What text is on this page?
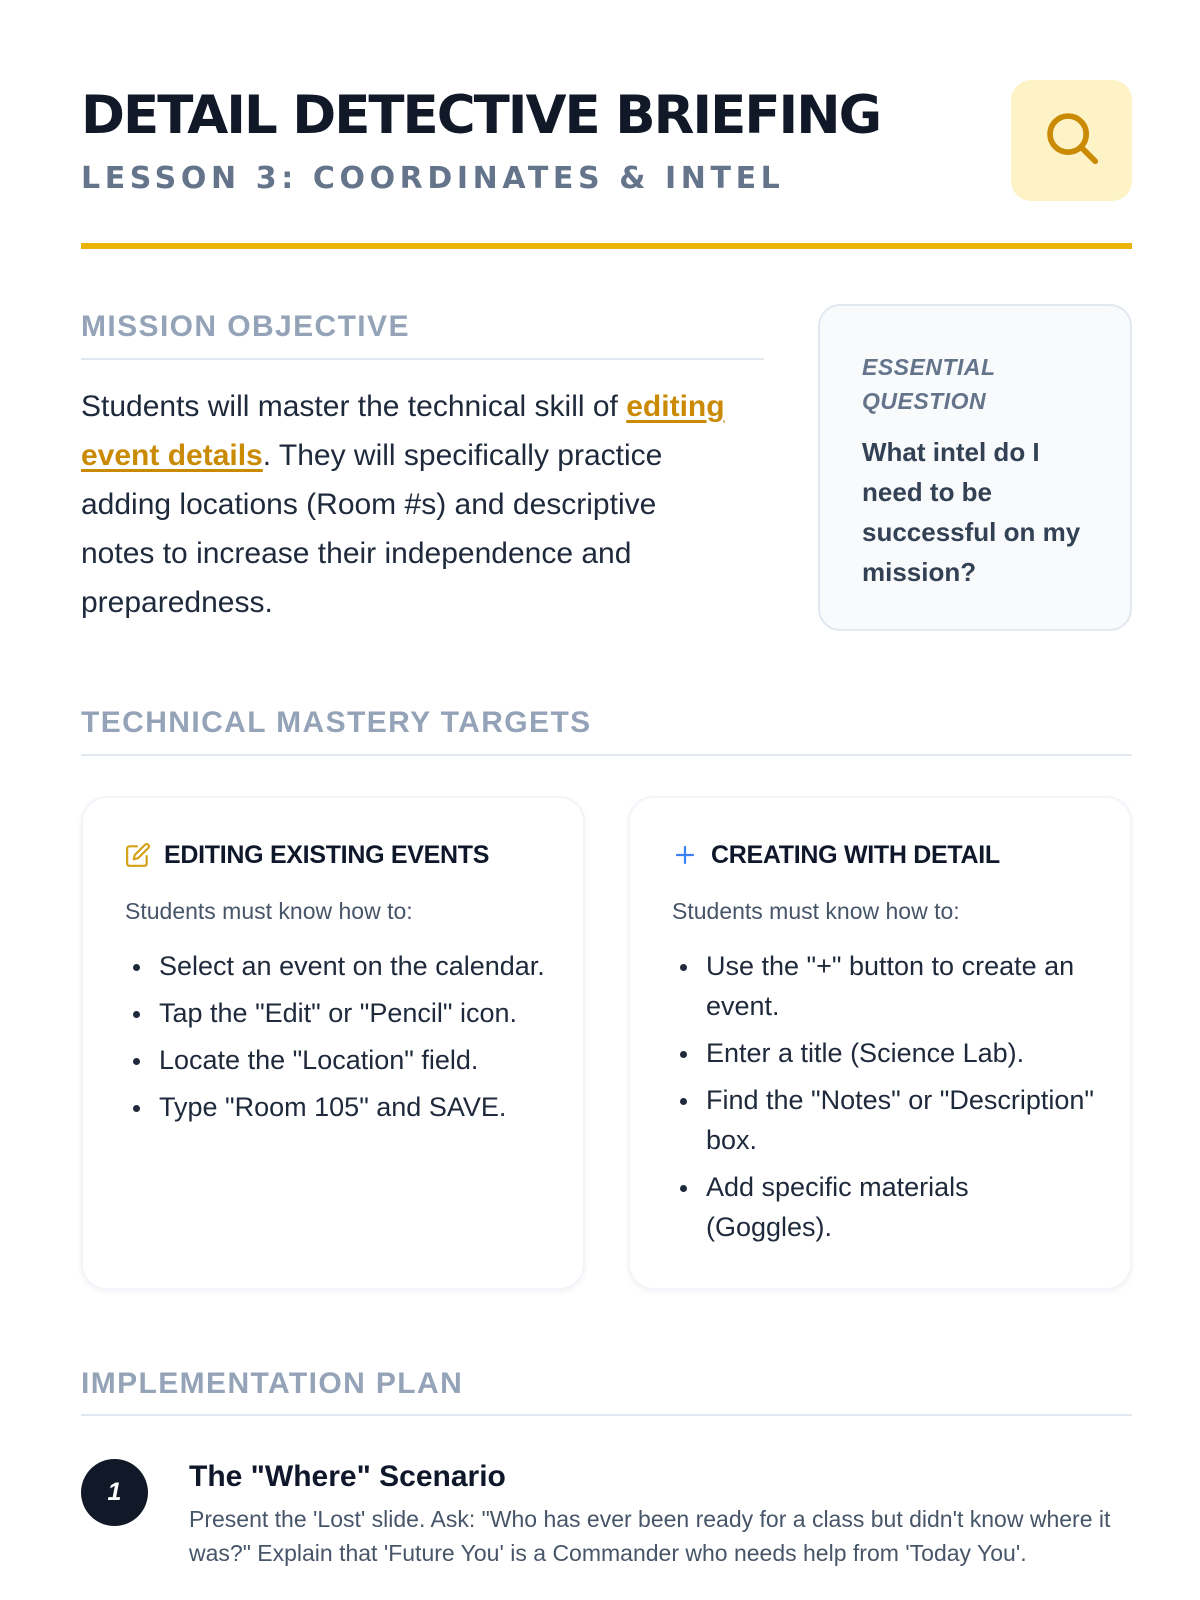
DETAIL DETECTIVE BRIEFING
LESSON 3: COORDINATES & INTEL
MISSION OBJECTIVE
Students will master the technical skill of editing event details. They will specifically practice adding locations (Room #s) and descriptive notes to increase their independence and preparedness.
ESSENTIAL QUESTION
What intel do I need to be successful on my mission?
TECHNICAL MASTERY TARGETS
EDITING EXISTING EVENTS
Students must know how to:
Select an event on the calendar.
Tap the "Edit" or "Pencil" icon.
Locate the "Location" field.
Type "Room 105" and SAVE.
CREATING WITH DETAIL
Students must know how to:
Use the "+" button to create an event.
Enter a title (Science Lab).
Find the "Notes" or "Description" box.
Add specific materials (Goggles).
IMPLEMENTATION PLAN
1	The "Where" Scenario
Present the 'Lost' slide. Ask: "Who has ever been ready for a class but didn't know where it was?" Explain that 'Future You' is a Commander who needs help from 'Today You'.
